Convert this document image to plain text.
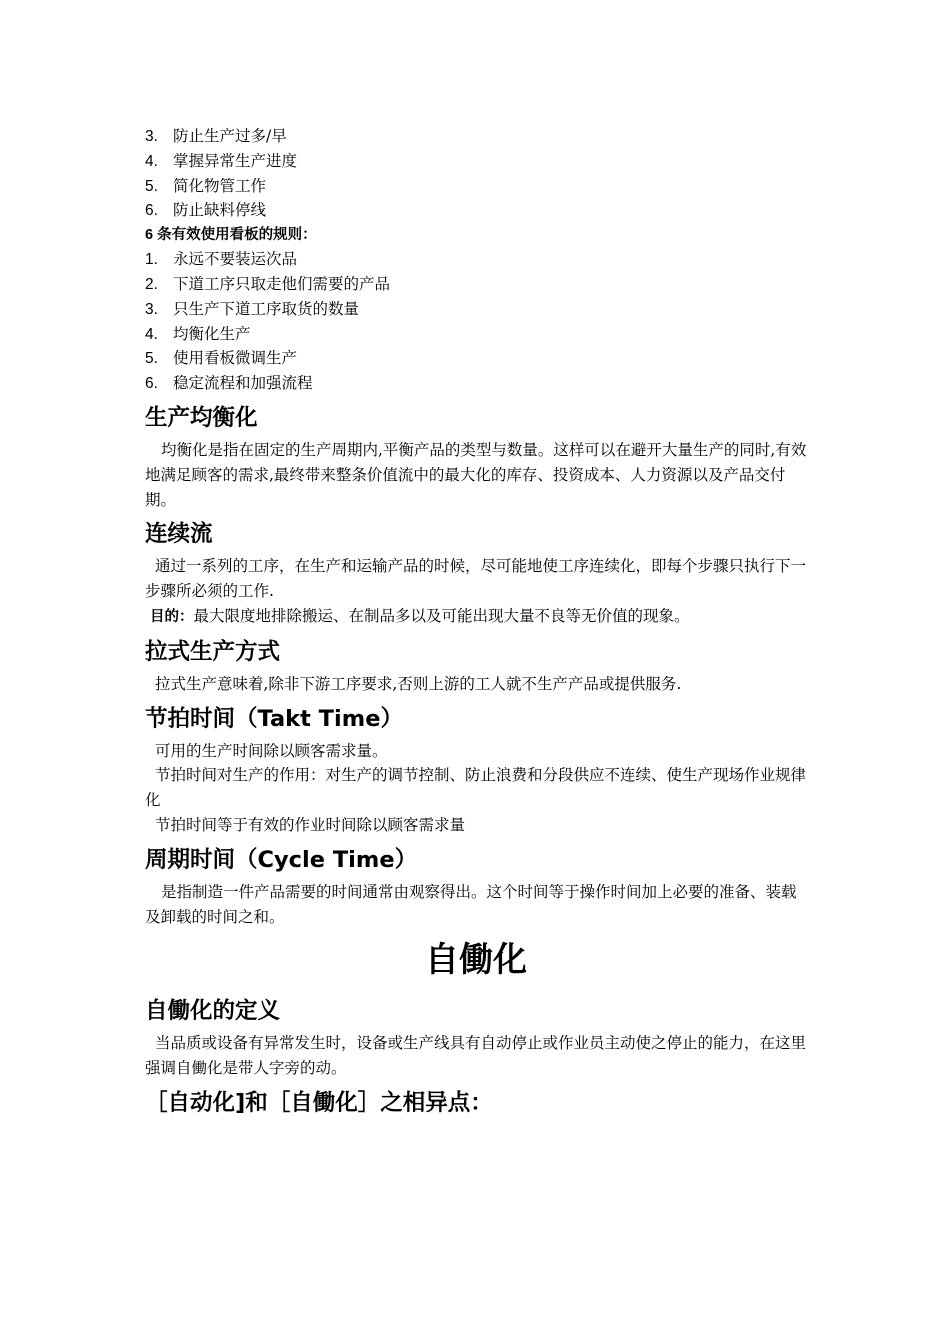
3. 防止生产过多/早
4. 掌握异常生产进度
5. 简化物管工作
6. 防止缺料停线
6 条有效使用看板的规则：
1. 永远不要装运次品
2. 下道工序只取走他们需要的产品
3. 只生产下道工序取货的数量
4. 均衡化生产
5. 使用看板微调生产
6. 稳定流程和加强流程
生产均衡化
均衡化是指在固定的生产周期内,平衡产品的类型与数量。这样可以在避开大量生产的同时,有效地满足顾客的需求,最终带来整条价值流中的最大化的库存、投资成本、人力资源以及产品交付期。
连续流
通过一系列的工序，在生产和运输产品的时候，尽可能地使工序连续化，即每个步骤只执行下一步骤所必须的工作.
目的：最大限度地排除搬运、在制品多以及可能出现大量不良等无价值的现象。
拉式生产方式
拉式生产意味着,除非下游工序要求,否则上游的工人就不生产产品或提供服务.
节拍时间（Takt Time）
可用的生产时间除以顾客需求量。
节拍时间对生产的作用：对生产的调节控制、防止浪费和分段供应不连续、使生产现场作业规律化
节拍时间等于有效的作业时间除以顾客需求量
周期时间（Cycle Time）
是指制造一件产品需要的时间通常由观察得出。这个时间等于操作时间加上必要的准备、装载及卸载的时间之和。
自働化
自働化的定义
当品质或设备有异常发生时，设备或生产线具有自动停止或作业员主动使之停止的能力，在这里强调自働化是带人字旁的动。
［自动化]和［自働化］之相异点：
